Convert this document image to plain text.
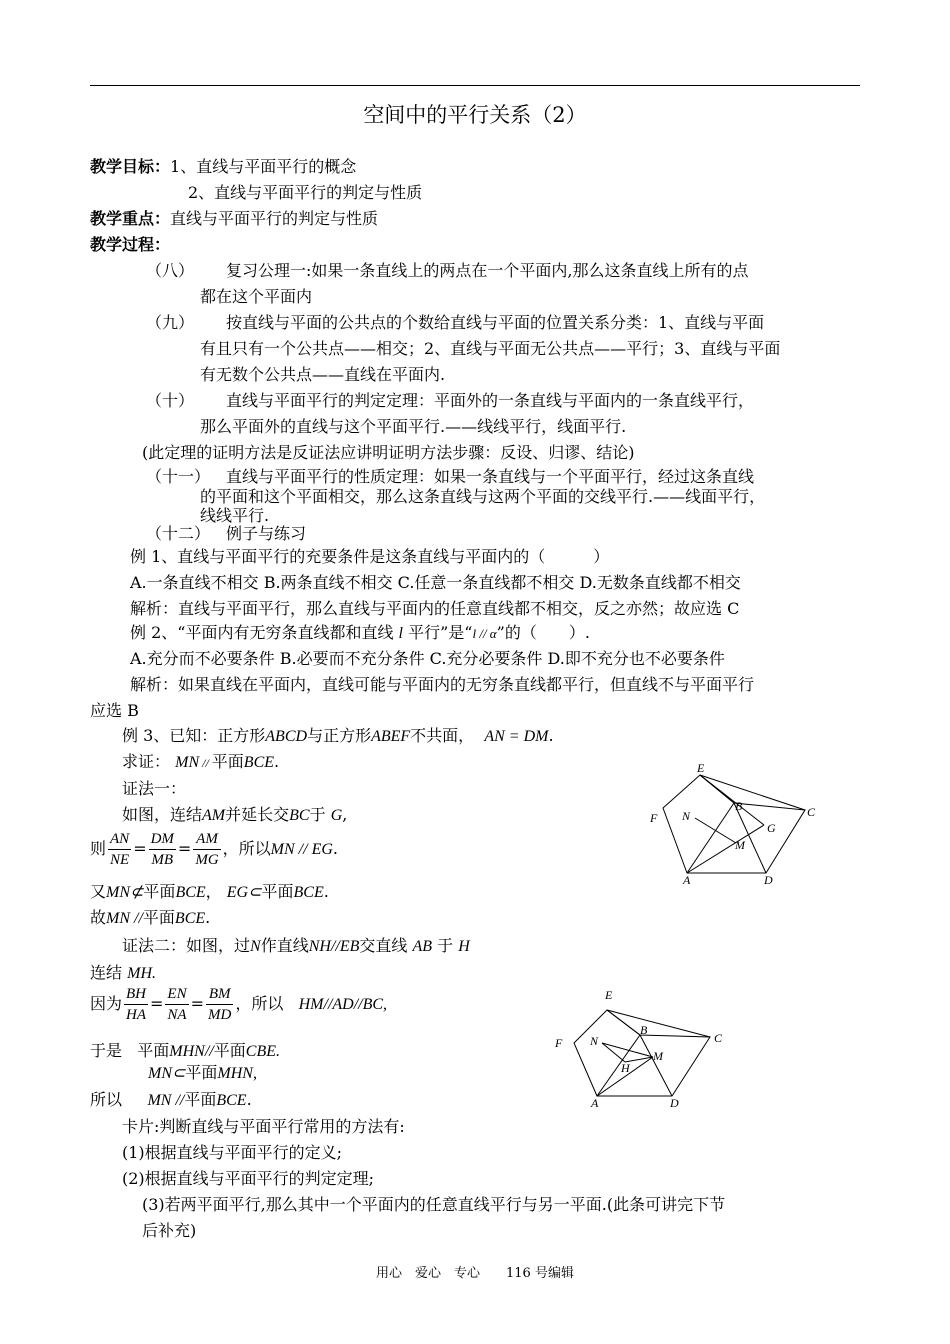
空间中的平行关系（2）
教学目标：1、直线与平面平行的概念
2、直线与平面平行的判定与性质
教学重点：直线与平面平行的判定与性质
教学过程：
（八） 复习公理一:如果一条直线上的两点在一个平面内,那么这条直线上所有的点
都在这个平面内
（九） 按直线与平面的公共点的个数给直线与平面的位置关系分类：1、直线与平面
有且只有一个公共点——相交；2、直线与平面无公共点——平行；3、直线与平面
有无数个公共点——直线在平面内.
（十） 直线与平面平行的判定定理：平面外的一条直线与平面内的一条直线平行，
那么平面外的直线与这个平面平行.——线线平行，线面平行.
(此定理的证明方法是反证法应讲明证明方法步骤：反设、归谬、结论)
（十一） 直线与平面平行的性质定理：如果一条直线与一个平面平行，经过这条直线
的平面和这个平面相交，那么这条直线与这两个平面的交线平行.——线面平行，
线线平行.
（十二） 例子与练习
例 1、直线与平面平行的充要条件是这条直线与平面内的（　　　）
A.一条直线不相交 B.两条直线不相交 C.任意一条直线都不相交 D.无数条直线都不相交
解析：直线与平面平行，那么直线与平面内的任意直线都不相交，反之亦然；故应选 C
例 2、“平面内有无穷条直线都和直线 l 平行”是“l // α”的（　　）.
A.充分而不必要条件 B.必要而不充分条件 C.充分必要条件 D.即不充分也不必要条件
解析：如果直线在平面内，直线可能与平面内的无穷条直线都平行，但直线不与平面平行
应选 B
例 3、已知：正方形ABCD与正方形ABEF不共面， AN = DM.
求证： MN // 平面BCE.
证法一：
如图，连结AM并延长交BC于 G,
则 $\frac{AN}{NE} = \frac{DM}{MB} = \frac{AM}{MG}$ ，所以MN // EG.
又MN⊄平面BCE， EG⊂平面BCE.
故MN //平面BCE.
证法二：如图，过N作直线NH//EB交直线 AB 于 H
连结 MH.
因为 $\frac{BH}{HA} = \frac{EN}{NA} = \frac{BM}{MD}$ ，所以 HM//AD//BC,
于是 平面MHN//平面CBE.
MN⊂平面MHN,
所以 MN //平面BCE.
卡片:判断直线与平面平行常用的方法有:
(1)根据直线与平面平行的定义;
(2)根据直线与平面平行的判定定理;
(3)若两平面平行,那么其中一个平面内的任意直线平行与另一平面.(此条可讲完下节
后补充)
E
B	C
F N
G
M
A	D
E
B
C
F N
M
H
A	D
用心　爱心　专心　　116 号编辑
